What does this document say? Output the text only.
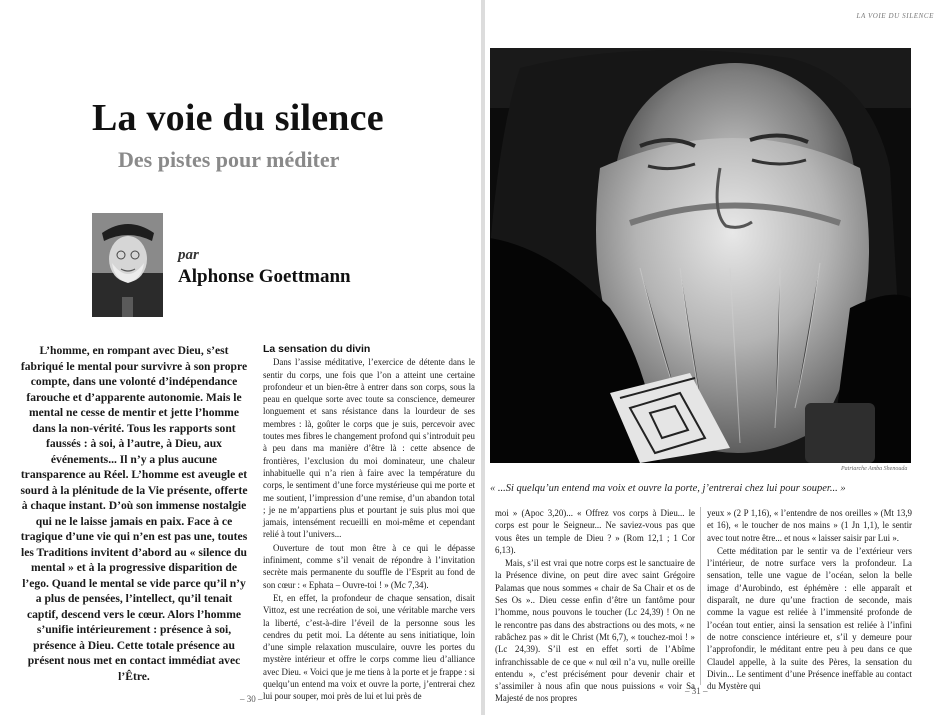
La voie du silence
Des pistes pour méditer
par
Alphonse Goettmann
L’homme, en rompant avec Dieu, s’est fabriqué le mental pour survivre à son propre compte, dans une volonté d’indépendance farouche et d’apparente autonomie. Mais le mental ne cesse de mentir et jette l’homme dans la non-vérité. Tous les rapports sont faussés : à soi, à l’autre, à Dieu, aux événements... Il n’y a plus aucune transparence au Réel. L’homme est aveugle et sourd à la plénitude de la Vie présente, offerte à chaque instant. D’où son immense nostalgie qui ne le laisse jamais en paix. Face à ce tragique d’une vie qui n’en est pas une, toutes les Traditions invitent d’abord au « silence du mental » et à la progressive disparition de l’ego. Quand le mental se vide parce qu’il n’y a plus de pensées, l’intellect, qu’il tenait captif, descend vers le cœur. Alors l’homme s’unifie intérieurement : présence à soi, présence à Dieu. Cette totale présence au présent nous met en contact immédiat avec l’Être.
La sensation du divin

Dans l’assise méditative, l’exercice de détente dans le sentir du corps, une fois que l’on a atteint une certaine profondeur et un bien-être à entrer dans son corps, sous la peau en quelque sorte avec toute sa conscience, demeurer longuement et sans résistance dans la lourdeur de ses membres : là, goûter le corps que je suis, percevoir avec toutes mes fibres le changement profond qui s’introduit peu à peu dans ma manière d’être là : cette absence de frontières, l’exclusion du moi dominateur, une chaleur inhabituelle qui n’a rien à faire avec la température du corps, le sentiment d’une force mystérieuse qui me porte et me soutient, l’impression d’une remise, d’un abandon total ; je ne m’appartiens plus et pourtant je suis plus moi que jamais, intensément recueilli en moi-même et cependant relié à tout l’univers...

Ouverture de tout mon être à ce qui le dépasse infiniment, comme s’il venait de répondre à l’invitation secrète mais permanente du souffle de l’Esprit au fond de son cœur : « Ephata – Ouvre-toi ! » (Mc 7,34).

Et, en effet, la profondeur de chaque sensation, disait Vittoz, est une recréation de soi, une véritable marche vers la liberté, c’est-à-dire l’éveil de la personne sous les cendres du petit moi. La détente au sens initiatique, loin d’une simple relaxation musculaire, ouvre les portes du mystère intérieur et offre le corps comme lieu d’alliance avec Dieu. « Voici que je me tiens à la porte et je frappe : si quelqu’un entend ma voix et ouvre la porte, j’entrerai chez lui pour souper, moi près de lui et lui près de

– 30 –
LA VOIE DU SILENCE
Patriarche Amba Shenouda
« ...Si quelqu’un entend ma voix et ouvre la porte, j’entrerai chez lui pour souper... »

moi » (Apoc 3,20)... « Offrez vos corps à Dieu... le corps est pour le Seigneur... Ne saviez-vous pas que vous êtes un temple de Dieu ? » (Rom 12,1 ; 1 Cor 6,13).

Mais, s’il est vrai que notre corps est le sanctuaire de la Présence divine, on peut dire avec saint Grégoire Palamas que nous sommes « chair de Sa Chair et os de Ses Os ».. Dieu cesse enfin d’être un fantôme pour l’homme, nous pouvons le toucher (Lc 24,39) ! On ne le rencontre pas dans des abstractions ou des mots, « ne rabâchez pas » dit le Christ (Mt 6,7), « touchez-moi ! » (Lc 24,39). S’il est en effet sorti de l’Abîme infranchissable de ce que « nul œil n’a vu, nulle oreille entendu », c’est précisément pour devenir chair et s’assimiler à nous afin que nous puissions « voir Sa Majesté de nos propres

yeux » (2 P 1,16), « l’entendre de nos oreilles » (Mt 13,9 et 16), « le toucher de nos mains » (1 Jn 1,1), le sentir avec tout notre être... et nous « laisser saisir par Lui ».

Cette méditation par le sentir va de l’extérieur vers l’intérieur, de notre surface vers la profondeur. La sensation, telle une vague de l’océan, selon la belle image d’Aurobindo, est éphémère : elle apparaît et disparaît, ne dure qu’une fraction de seconde, mais comme la vague est reliée à l’immensité profonde de l’océan tout entier, ainsi la sensation est reliée à l’infini de notre conscience intérieure et, s’il y demeure pour l’approfondir, le méditant entre peu à peu dans ce que Claudel appelle, à la suite des Pères, la sensation du Divin... Le sentiment d’une Présence ineffable au contact du Mystère qui

– 31 –
